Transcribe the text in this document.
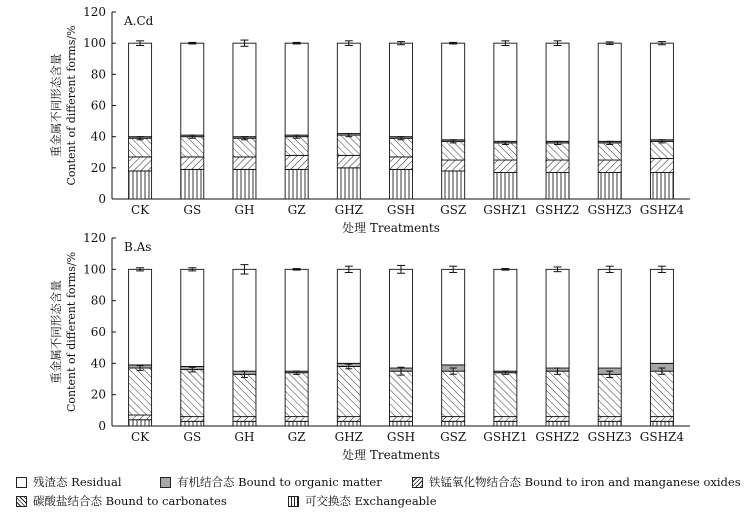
0
20
40
60
80
100
120
A.Cd
重金属不同形态含量 Content of different forms/%
处理 Treatments
CK	GS	GH	GZ GHZ GSH GSZ GSHZ1 GSHZ2 GSHZ3 GSHZ4
0
20
40
60
80
100
120
B.As
重金属不同形态含量 Content of different forms/%
处理 Treatments
CK	GS	GH	GZ GHZ GSH GSZ GSHZ1 GSHZ2 GSHZ3 GSHZ4
残渣态 Residual	有机结合态 Bound to organic matter	铁锰氧化物结合态 Bound to iron and manganese oxides
碳酸盐结合态 Bound to carbonates	可交换态 Exchangeable
